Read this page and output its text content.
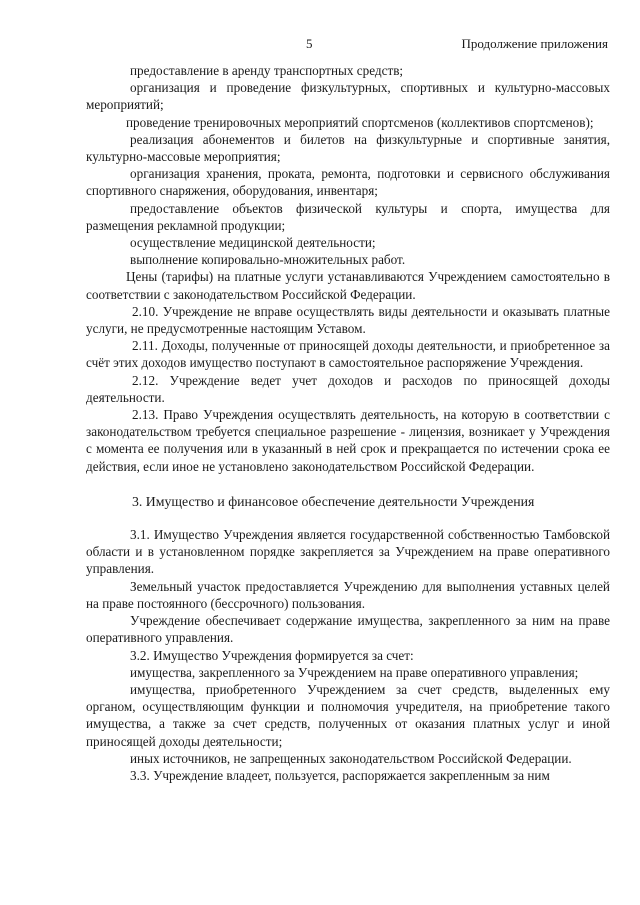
5	Продолжение приложения

предоставление в аренду транспортных средств;

организация и проведение физкультурных, спортивных и культурно-массовых мероприятий;

проведение тренировочных мероприятий спортсменов (коллективов спортсменов);

реализация абонементов и билетов на физкультурные и спортивные занятия, культурно-массовые мероприятия;

организация хранения, проката, ремонта, подготовки и сервисного обслуживания спортивного снаряжения, оборудования, инвентаря;

предоставление объектов физической культуры и спорта, имущества для размещения рекламной продукции;

осуществление медицинской деятельности;

выполнение копировально-множительных работ.

Цены (тарифы) на платные услуги устанавливаются Учреждением самостоятельно в соответствии с законодательством Российской Федерации.

2.10. Учреждение не вправе осуществлять виды деятельности и оказывать платные услуги, не предусмотренные настоящим Уставом.

2.11. Доходы, полученные от приносящей доходы деятельности, и приобретенное за счёт этих доходов имущество поступают в самостоятельное распоряжение Учреждения.

2.12. Учреждение ведет учет доходов и расходов по приносящей доходы деятельности.

2.13. Право Учреждения осуществлять деятельность, на которую в соответствии с законодательством требуется специальное разрешение - лицензия, возникает у Учреждения с момента ее получения или в указанный в ней срок и прекращается по истечении срока ее действия, если иное не установлено законодательством Российской Федерации.

3. Имущество и финансовое обеспечение деятельности Учреждения

3.1. Имущество Учреждения является государственной собственностью Тамбовской области и в установленном порядке закрепляется за Учреждением на праве оперативного управления.

Земельный участок предоставляется Учреждению для выполнения уставных целей на праве постоянного (бессрочного) пользования.

Учреждение обеспечивает содержание имущества, закрепленного за ним на праве оперативного управления.

3.2. Имущество Учреждения формируется за счет:

имущества, закрепленного за Учреждением на праве оперативного управления;

имущества, приобретенного Учреждением за счет средств, выделенных ему органом, осуществляющим функции и полномочия учредителя, на приобретение такого имущества, а также за счет средств, полученных от оказания платных услуг и иной приносящей доходы деятельности;

иных источников, не запрещенных законодательством Российской Федерации.

3.3. Учреждение владеет, пользуется, распоряжается закрепленным за ним
